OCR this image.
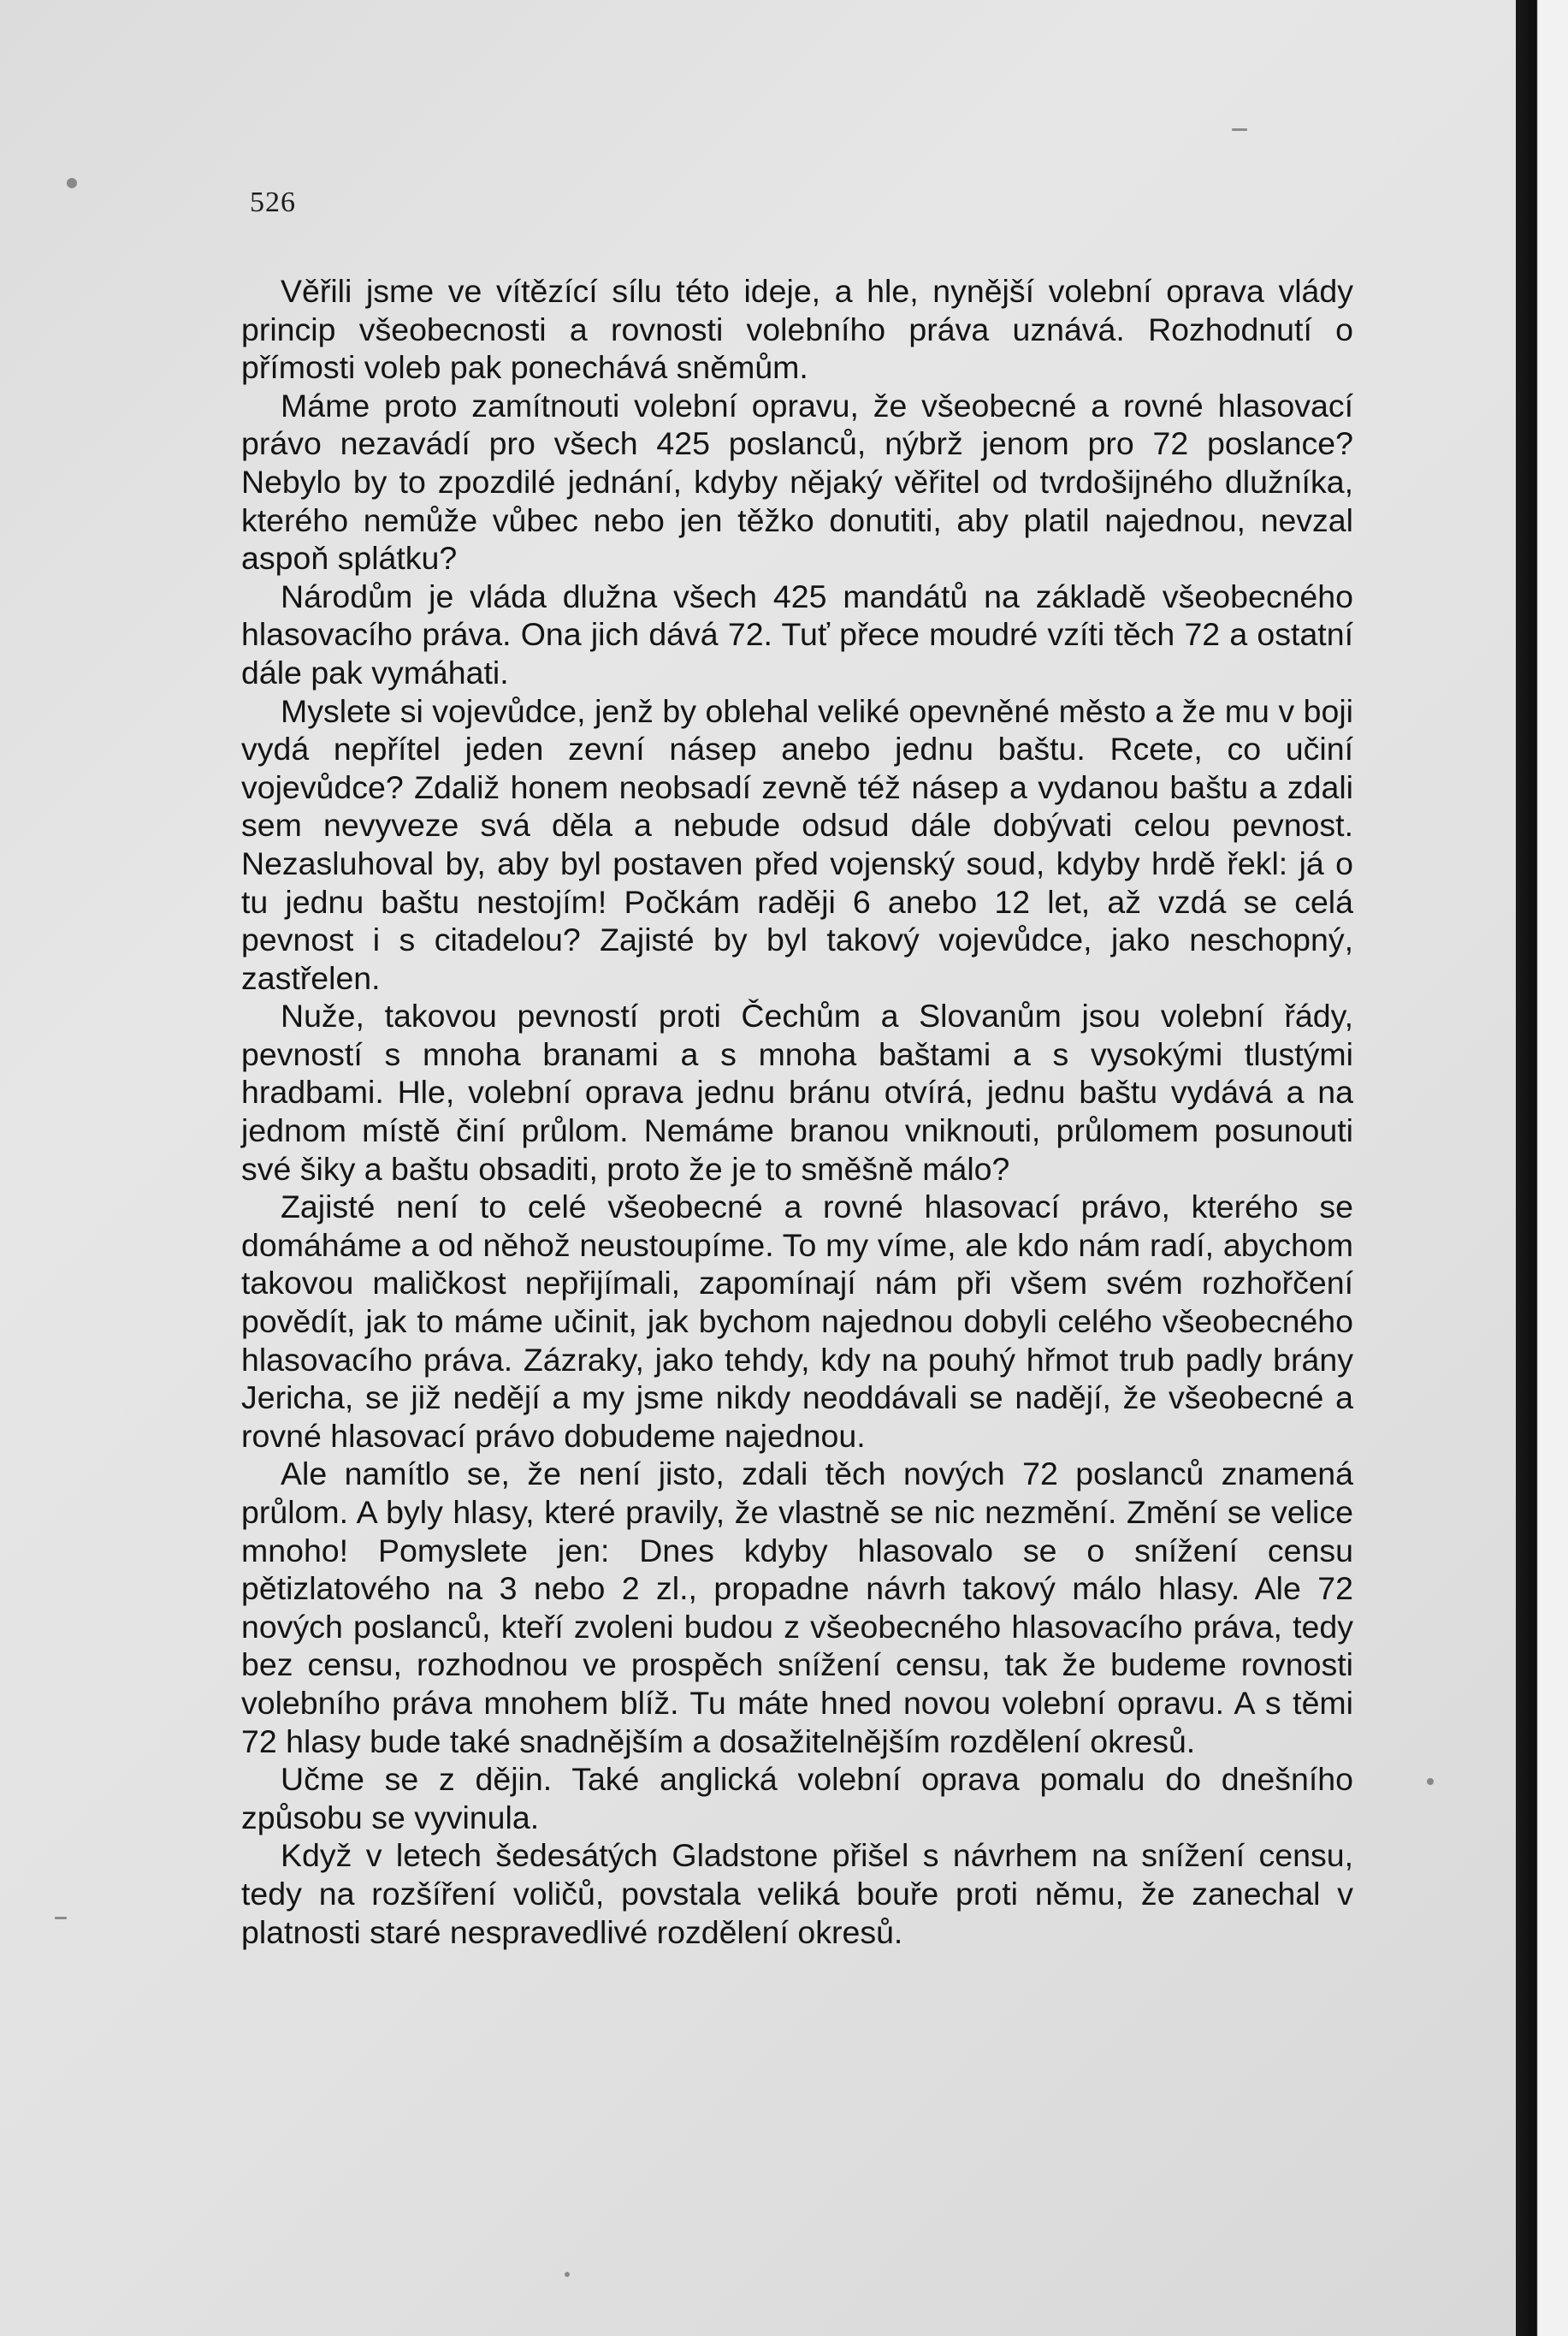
526

Věřili jsme ve vítězící sílu této ideje, a hle, nynější volební oprava vlády princip všeobecnosti a rovnosti volebního práva uznává. Rozhodnutí o přímosti voleb pak ponechává sněmům.

Máme proto zamítnouti volební opravu, že všeobecné a rovné hlasovací právo nezavádí pro všech 425 poslanců, nýbrž jenom pro 72 poslance? Nebylo by to zpozdilé jednání, kdyby nějaký věřitel od tvrdošijného dlužníka, kterého nemůže vůbec nebo jen těžko donutiti, aby platil najednou, nevzal aspoň splátku?

Národům je vláda dlužna všech 425 mandátů na základě všeobecného hlasovacího práva. Ona jich dává 72. Tuť přece moudré vzíti těch 72 a ostatní dále pak vymáhati.

Myslete si vojevůdce, jenž by oblehal veliké opevněné město a že mu v boji vydá nepřítel jeden zevní násep anebo jednu baštu. Rcete, co učiní vojevůdce? Zdaliž honem neobsadí zevně též násep a vydanou baštu a zdali sem nevyveze svá děla a nebude odsud dále dobývati celou pevnost. Nezasluhoval by, aby byl postaven před vojenský soud, kdyby hrdě řekl: já o tu jednu baštu nestojím! Počkám raději 6 anebo 12 let, až vzdá se celá pevnost i s citadelou? Zajisté by byl takový vojevůdce, jako neschopný, zastřelen.

Nuže, takovou pevností proti Čechům a Slovanům jsou volební řády, pevností s mnoha branami a s mnoha baštami a s vysokými tlustými hradbami. Hle, volební oprava jednu bránu otvírá, jednu baštu vydává a na jednom místě činí průlom. Nemáme branou vniknouti, průlomem posunouti své šiky a baštu obsaditi, proto že je to směšně málo?

Zajisté není to celé všeobecné a rovné hlasovací právo, kterého se domáháme a od něhož neustoupíme. To my víme, ale kdo nám radí, abychom takovou maličkost nepřijímali, zapomínají nám při všem svém rozhořčení povědít, jak to máme učinit, jak bychom najednou dobyli celého všeobecného hlasovacího práva. Zázraky, jako tehdy, kdy na pouhý hřmot trub padly brány Jericha, se již nedějí a my jsme nikdy neoddávali se nadějí, že všeobecné a rovné hlasovací právo dobudeme najednou.

Ale namítlo se, že není jisto, zdali těch nových 72 poslanců znamená průlom. A byly hlasy, které pravily, že vlastně se nic nezmění. Změní se velice mnoho! Pomyslete jen: Dnes kdyby hlasovalo se o snížení censu pětizlatového na 3 nebo 2 zl., propadne návrh takový málo hlasy. Ale 72 nových poslanců, kteří zvoleni budou z všeobecného hlasovacího práva, tedy bez censu, rozhodnou ve prospěch snížení censu, tak že budeme rovnosti volebního práva mnohem blíž. Tu máte hned novou volební opravu. A s těmi 72 hlasy bude také snadnějším a dosažitelnějším rozdělení okresů.

Učme se z dějin. Také anglická volební oprava pomalu do dnešního způsobu se vyvinula.

Když v letech šedesátých Gladstone přišel s návrhem na snížení censu, tedy na rozšíření voličů, povstala veliká bouře proti němu, že zanechal v platnosti staré nespravedlivé rozdělení okresů.
